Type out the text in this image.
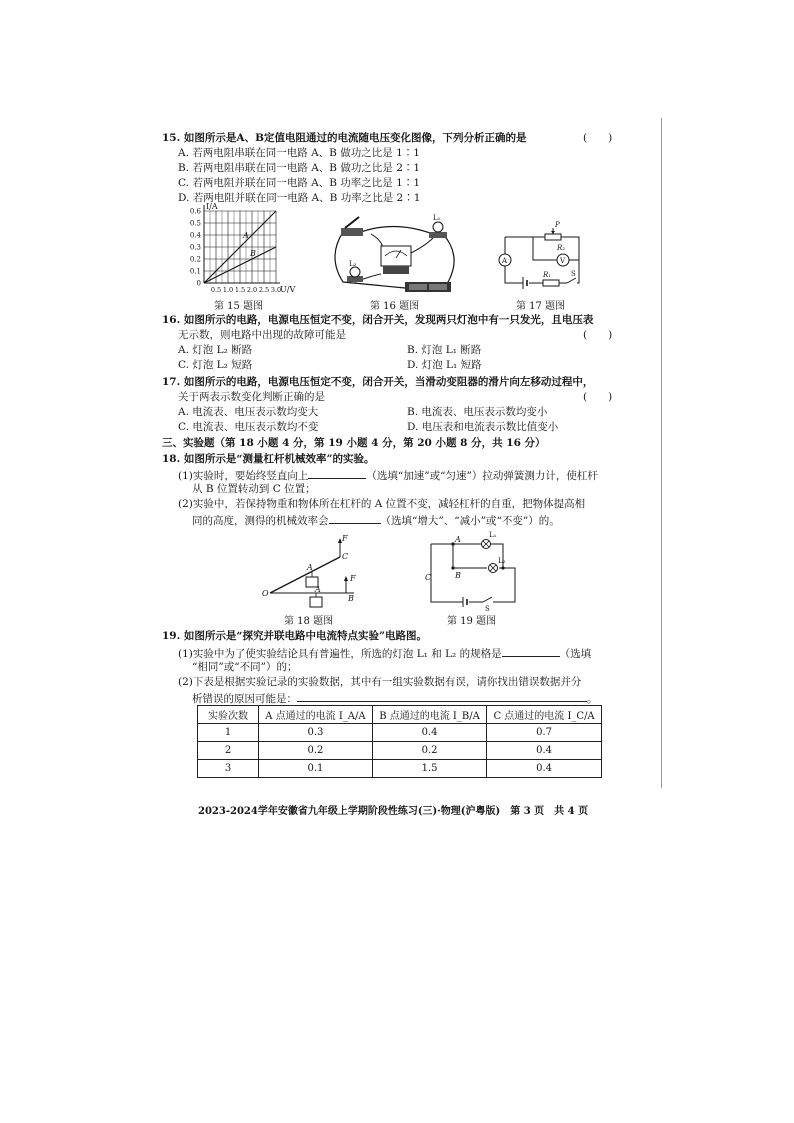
15. 如图所示是A、B定值电阻通过的电流随电压变化图像，下列分析正确的是	(　　)
A. 若两电阻串联在同一电路 A、B 做功之比是 1∶1
B. 若两电阻串联在同一电路 A、B 做功之比是 2∶1
C. 若两电阻并联在同一电路 A、B 功率之比是 1∶1
D. 若两电阻并联在同一电路 A、B 功率之比是 2∶1
I/A
U/V
0.6
0.5
0.4
0.3
0.2
0.1
0
0.5 1.0 1.5 2.0 2.5 3.0
A
B
L₁
L₂	A	V
P
R₂
R₁	S
第 15 题图	第 16 题图	第 17 题图
16. 如图所示的电路，电源电压恒定不变，闭合开关，发现两只灯泡中有一只发光，且电压表
无示数，则电路中出现的故障可能是	(　　)
A. 灯泡 L₂ 断路	B. 灯泡 L₁ 断路
C. 灯泡 L₂ 短路	D. 灯泡 L₁ 短路
17. 如图所示的电路，电源电压恒定不变，闭合开关，当滑动变阻器的滑片向左移动过程中，
关于两表示数变化判断正确的是	(　　)
A. 电流表、电压表示数均变大	B. 电流表、电压表示数均变小
C. 电流表、电压表示数均不变	D. 电压表和电流表示数比值变小
三、实验题（第 18 小题 4 分，第 19 小题 4 分，第 20 小题 8 分，共 16 分）
18. 如图所示是“测量杠杆机械效率”的实验。
(1)实验时，要始终竖直向上	（选填“加速”或“匀速”）拉动弹簧测力计，使杠杆
从 B 位置转动到 C 位置；
(2)实验中，若保持物重和物体所在杠杆的 A 位置不变，减轻杠杆的自重，把物体提高相
同的高度，测得的机械效率会	（选填“增大”、“减小”或“不变”）的。
O
A
A
C
B
F
F
A
B
C
L₁
L₂
S
第 18 题图	第 19 题图
19. 如图所示是“探究并联电路中电流特点实验”电路图。
(1)实验中为了使实验结论具有普遍性，所选的灯泡 L₁ 和 L₂ 的规格是	（选填
“相同”或“不同”）的；
(2)下表是根据实验记录的实验数据，其中有一组实验数据有误，请你找出错误数据并分
析错误的原因可能是：	。
实验次数	A 点通过的电流 I_A/A	B 点通过的电流 I_B/A	C 点通过的电流 I_C/A
1	0.3	0.4	0.7
2	0.2	0.2	0.4
3	0.1	1.5	0.4
2023-2024学年安徽省九年级上学期阶段性练习(三)·物理(沪粤版)　第 3 页　共 4 页
